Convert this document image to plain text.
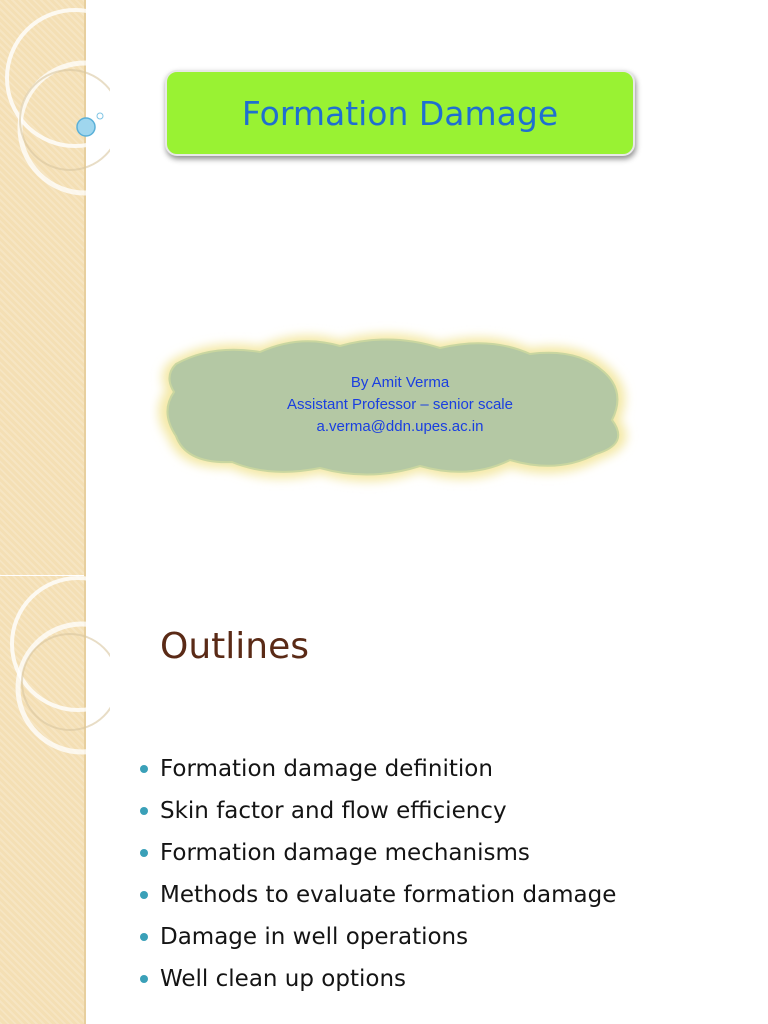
Formation Damage
By Amit Verma
Assistant Professor – senior scale
a.verma@ddn.upes.ac.in
Outlines
Formation damage definition
Skin factor and flow efficiency
Formation damage mechanisms
Methods to evaluate formation damage
Damage in well operations
Well clean up options
